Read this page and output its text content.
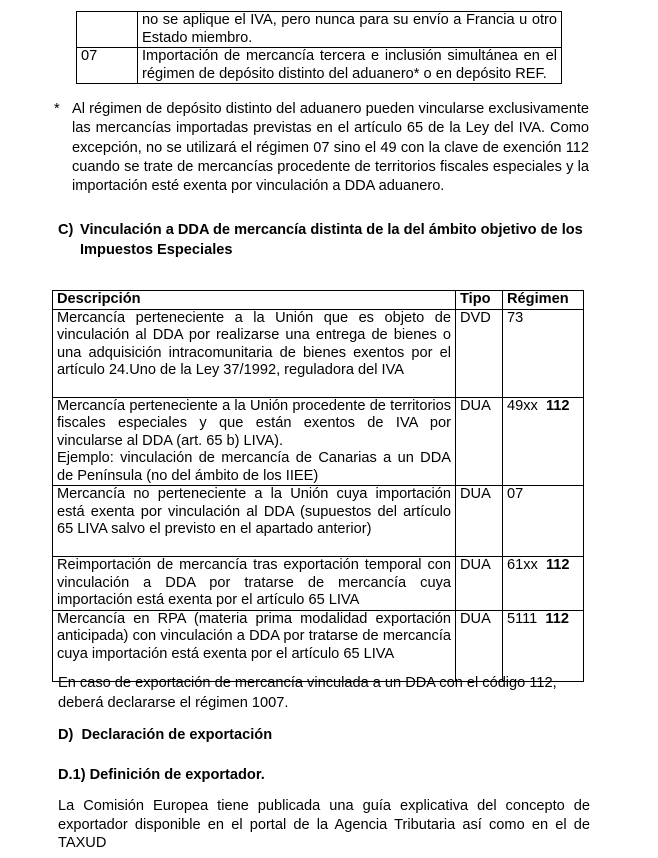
	no se aplique el IVA, pero nunca para su envío a Francia u otro Estado miembro.
07	Importación de mercancía tercera e inclusión simultánea en el régimen de depósito distinto del aduanero* o en depósito REF.

* Al régimen de depósito distinto del aduanero pueden vincularse exclusivamente las mercancías importadas previstas en el artículo 65 de la Ley del IVA. Como excepción, no se utilizará el régimen 07 sino el 49 con la clave de exención 112 cuando se trate de mercancías procedente de territorios fiscales especiales y la importación esté exenta por vinculación a DDA aduanero.

C) Vinculación a DDA de mercancía distinta de la del ámbito objetivo de los Impuestos Especiales
Descripción	Tipo	Régimen
Mercancía perteneciente a la Unión que es objeto de vinculación al DDA por realizarse una entrega de bienes o una adquisición intracomunitaria de bienes exentos por el artículo 24.Uno de la Ley 37/1992, reguladora del IVA	DVD	73
Mercancía perteneciente a la Unión procedente de territorios fiscales especiales y que están exentos de IVA por vincularse al DDA (art. 65 b) LIVA).
Ejemplo: vinculación de mercancía de Canarias a un DDA de Península (no del ámbito de los IIEE)	DUA	49xx 112
Mercancía no perteneciente a la Unión cuya importación está exenta por vinculación al DDA (supuestos del artículo 65 LIVA salvo el previsto en el apartado anterior)	DUA	07
Reimportación de mercancía tras exportación temporal con vinculación a DDA por tratarse de mercancía cuya importación está exenta por el artículo 65 LIVA	DUA	61xx 112
Mercancía en RPA (materia prima modalidad exportación anticipada) con vinculación a DDA por tratarse de mercancía cuya importación está exenta por el artículo 65 LIVA	DUA	5111 112

En caso de exportación de mercancía vinculada a un DDA con el código 112, deberá declararse el régimen 1007.

D) Declaración de exportación
D.1) Definición de exportador.

La Comisión Europea tiene publicada una guía explicativa del concepto de exportador disponible en el portal de la Agencia Tributaria así como en el de TAXUD
